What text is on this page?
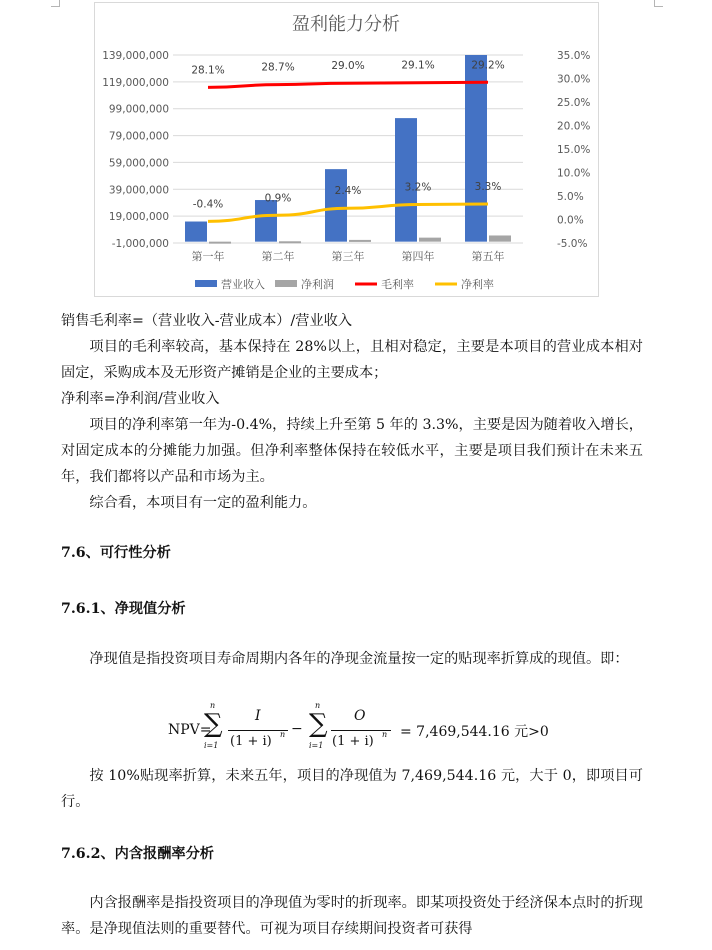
盈利能力分析
-1,000,000
19,000,000
39,000,000
59,000,000
79,000,000
99,000,000
119,000,000
139,000,000
-5.0%
0.0%
5.0%
10.0%
15.0%
20.0%
25.0%
30.0%
35.0%
第一年	第二年	第三年	第四年	第五年
28.1%	28.7%	29.0%	29.1%	29.2%
-0.4%
0.9%
2.4%	3.2%	3.3%
营业收入	净利润	毛利率	净利率

销售毛利率=（营业收入-营业成本）/营业收入

项目的毛利率较高，基本保持在 28%以上，且相对稳定，主要是本项目的营业成本相对固定，采购成本及无形资产摊销是企业的主要成本；

净利率=净利润/营业收入

项目的净利率第一年为-0.4%，持续上升至第 5 年的 3.3%，主要是因为随着收入增长，对固定成本的分摊能力加强。但净利率整体保持在较低水平，主要是项目我们预计在未来五年，我们都将以产品和市场为主。

综合看，本项目有一定的盈利能力。

7.6、可行性分析
7.6.1、净现值分析

净现值是指投资项目寿命周期内各年的净现金流量按一定的贴现率折算成的现值。即：

NPV=
∑
n
i=1
I
(1 + i) n − ∑
n
i=1
O
(1 + i) n = 7,469,544.16 元>0

按 10%贴现率折算，未来五年，项目的净现值为 7,469,544.16 元，大于 0，即项目可行。

7.6.2、内含报酬率分析

内含报酬率是指投资项目的净现值为零时的折现率。即某项投资处于经济保本点时的折现率。是净现值法则的重要替代。可视为项目存续期间投资者可获得
